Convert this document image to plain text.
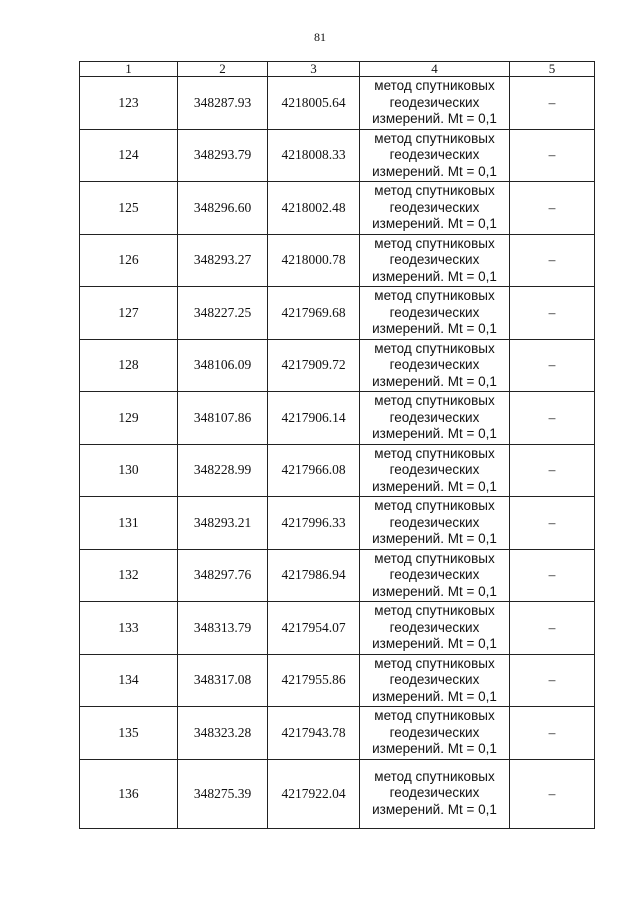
81
1	2	3	4	5
123	348287.93	4218005.64	метод спутниковых
геодезических
измерений. Mt = 0,1	–
124	348293.79	4218008.33	метод спутниковых
геодезических
измерений. Mt = 0,1	–
125	348296.60	4218002.48	метод спутниковых
геодезических
измерений. Mt = 0,1	–
126	348293.27	4218000.78	метод спутниковых
геодезических
измерений. Mt = 0,1	–
127	348227.25	4217969.68	метод спутниковых
геодезических
измерений. Mt = 0,1	–
128	348106.09	4217909.72	метод спутниковых
геодезических
измерений. Mt = 0,1	–
129	348107.86	4217906.14	метод спутниковых
геодезических
измерений. Mt = 0,1	–
130	348228.99	4217966.08	метод спутниковых
геодезических
измерений. Mt = 0,1	–
131	348293.21	4217996.33	метод спутниковых
геодезических
измерений. Mt = 0,1	–
132	348297.76	4217986.94	метод спутниковых
геодезических
измерений. Mt = 0,1	–
133	348313.79	4217954.07	метод спутниковых
геодезических
измерений. Mt = 0,1	–
134	348317.08	4217955.86	метод спутниковых
геодезических
измерений. Mt = 0,1	–
135	348323.28	4217943.78	метод спутниковых
геодезических
измерений. Mt = 0,1	–
136	348275.39	4217922.04	метод спутниковых
геодезических
измерений. Mt = 0,1	–
